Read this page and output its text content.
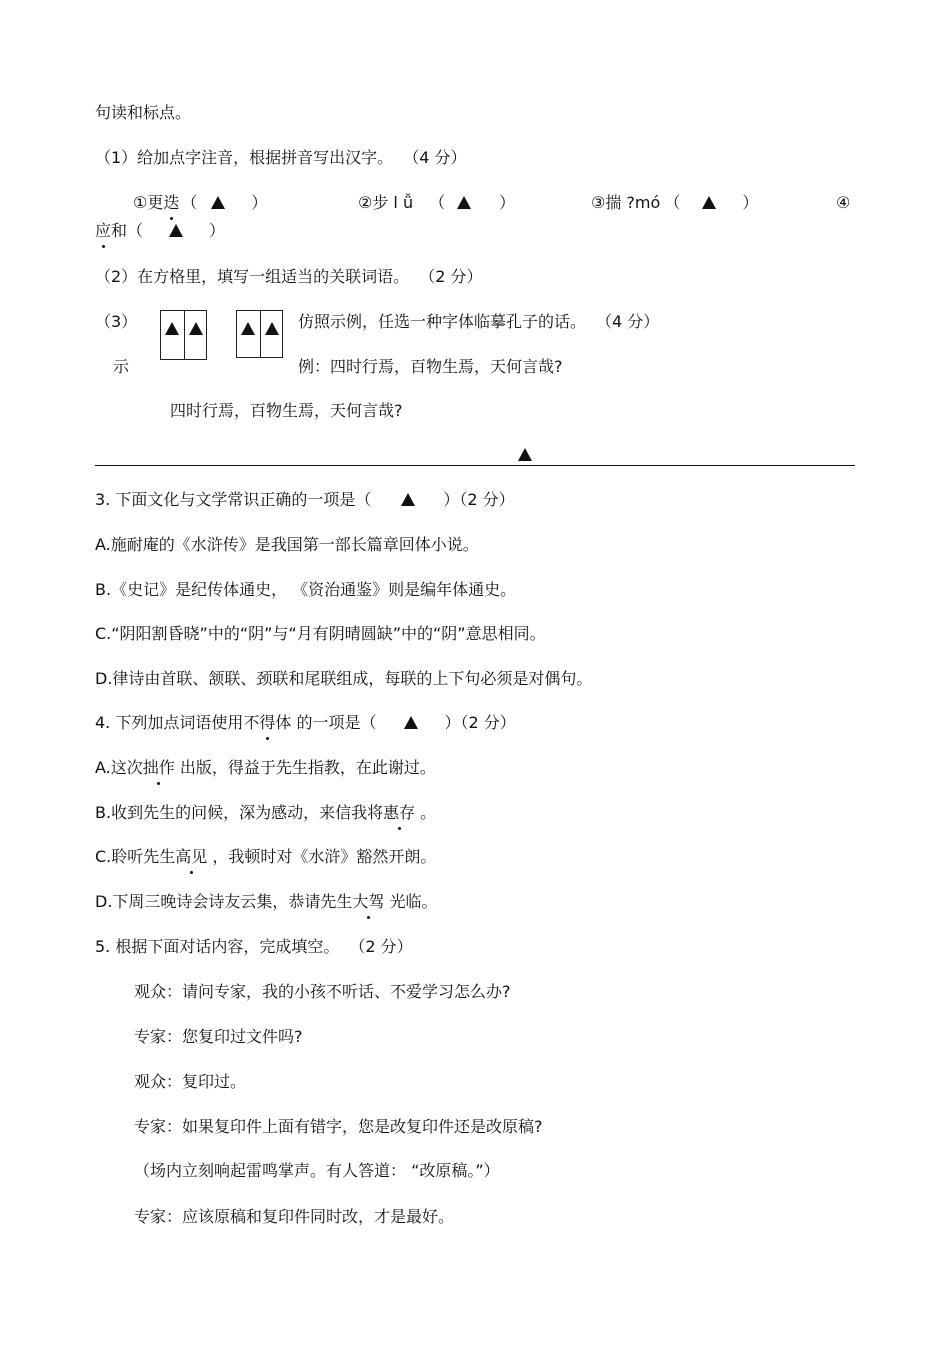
句读和标点。
（1）给加点字注音，根据拼音写出汉字。 （4 分）
①更迭 （	）	②步 l ǚ （	）	③揣 ?mó （	）	④
应和（	）
（2）在方格里，填写一组适当的关联词语。 （2 分）
（3）
示
仿照示例，任选一种字体临摹孔子的话。 （4 分）
例：四时行焉，百物生焉，天何言哉?
四时行焉，百物生焉，天何言哉?
3. 下面文化与文学常识正确的一项是（	）（2 分）
A.施耐庵的《水浒传》是我国第一部长篇章回体小说。
B.《史记》是纪传体通史， 《资治通鉴》则是编年体通史。
C.“阴阳割昏晓”中的“阴”与“月有阴晴圆缺”中的“阴”意思相同。
D.律诗由首联、颔联、颈联和尾联组成，每联的上下句必须是对偶句。
4. 下列加点词语使用不得体 的一项是（	）（2 分）
A.这次拙作 出版，得益于先生指教，在此谢过。
B.收到先生的问候，深为感动，来信我将惠存 。
C.聆听先生高见 ，我顿时对《水浒》豁然开朗。
D.下周三晚诗会诗友云集，恭请先生大驾 光临。
5. 根据下面对话内容，完成填空。 （2 分）
观众：请问专家，我的小孩不听话、不爱学习怎么办?
专家：您复印过文件吗?
观众：复印过。
专家：如果复印件上面有错字，您是改复印件还是改原稿?
（场内立刻响起雷鸣掌声。有人答道： “改原稿。”）
专家：应该原稿和复印件同时改，才是最好。
